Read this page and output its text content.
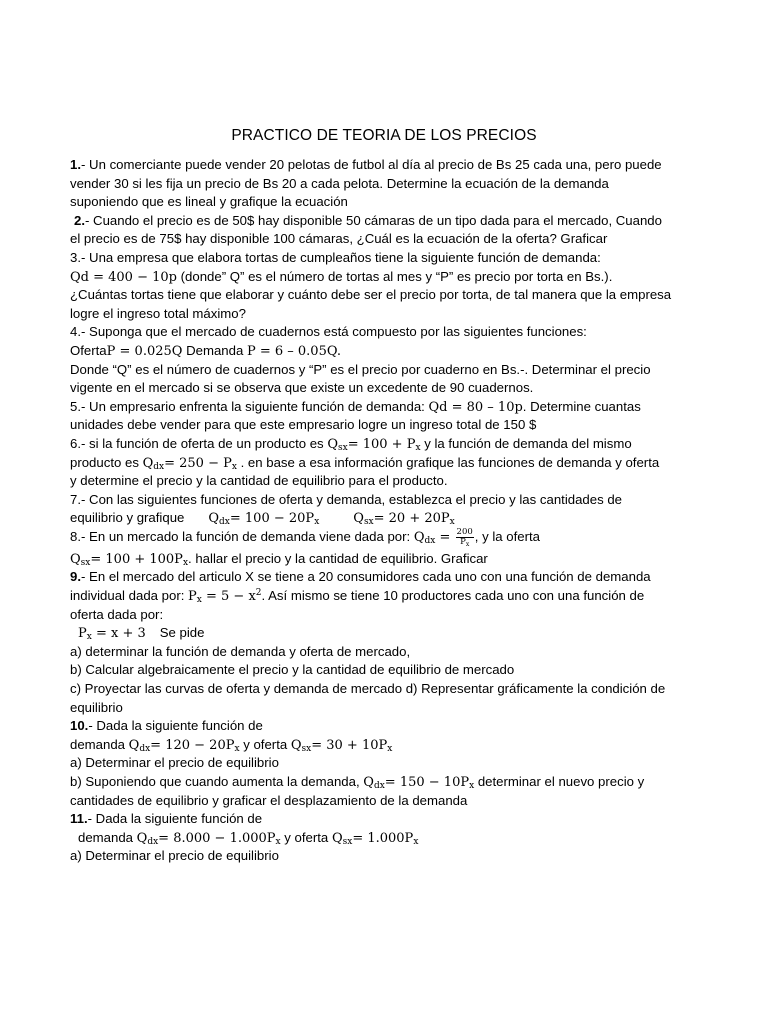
PRACTICO DE TEORIA DE LOS PRECIOS
1.- Un comerciante puede vender 20 pelotas de futbol al día al precio de Bs 25 cada una, pero puede
vender 30 si les fija un precio de Bs 20 a cada pelota. Determine la ecuación de la demanda
suponiendo que es lineal y grafique la ecuación
2.- Cuando el precio es de 50$ hay disponible 50 cámaras de un tipo dada para el mercado, Cuando
el precio es de 75$ hay disponible 100 cámaras, ¿Cuál es la ecuación de la oferta? Graficar
3.- Una empresa que elabora tortas de cumpleaños tiene la siguiente función de demanda:
Qd = 400 − 10p (donde” Q” es el número de tortas al mes y “P” es precio por torta en Bs.).
¿Cuántas tortas tiene que elaborar y cuánto debe ser el precio por torta, de tal manera que la empresa
logre el ingreso total máximo?
4.- Suponga que el mercado de cuadernos está compuesto por las siguientes funciones:
OfertaP = 0.025Q Demanda P = 6 – 0.05Q.
Donde “Q” es el número de cuadernos y “P” es el precio por cuaderno en Bs.-. Determinar el precio
vigente en el mercado si se observa que existe un excedente de 90 cuadernos.
5.- Un empresario enfrenta la siguiente función de demanda: Qd = 80 – 10p. Determine cuantas
unidades debe vender para que este empresario logre un ingreso total de 150 $
6.- si la función de oferta de un producto es $Q_{sx}= 100 + P_x$ y la función de demanda del mismo
producto es $Q_{dx}= 250 - P_x$ . en base a esa información grafique las funciones de demanda y oferta
y determine el precio y la cantidad de equilibrio para el producto.
7.- Con las siguientes funciones de oferta y demanda, establezca el precio y las cantidades de
equilibrio y grafique $Q_{dx}= 100 - 20P_x$	$Q_{sx}= 20 + 20P_x$
8.- En un mercado la función de demanda viene dada por: $Q_{dx} = \frac{200}{P_x}$ , y la oferta
$Q_{sx}= 100 + 100P_x$. hallar el precio y la cantidad de equilibrio. Graficar
9.- En el mercado del articulo X se tiene a 20 consumidores cada uno con una función de demanda
individual dada por: $P_x = 5 - x^2$. Así mismo se tiene 10 productores cada uno con una función de
oferta dada por:
$P_x = x + 3$ Se pide
a) determinar la función de demanda y oferta de mercado,
b) Calcular algebraicamente el precio y la cantidad de equilibrio de mercado
c) Proyectar las curvas de oferta y demanda de mercado d) Representar gráficamente la condición de
equilibrio
10.- Dada la siguiente función de
demanda $Q_{dx}= 120 - 20P_x$ y oferta $Q_{sx}= 30 + 10P_x$
a) Determinar el precio de equilibrio
b) Suponiendo que cuando aumenta la demanda, $Q_{dx}= 150 - 10P_x$ determinar el nuevo precio y
cantidades de equilibrio y graficar el desplazamiento de la demanda
11.- Dada la siguiente función de
demanda $Q_{dx}= 8.000 - 1.000P_x$ y oferta $Q_{sx}= 1.000P_x$
a) Determinar el precio de equilibrio
